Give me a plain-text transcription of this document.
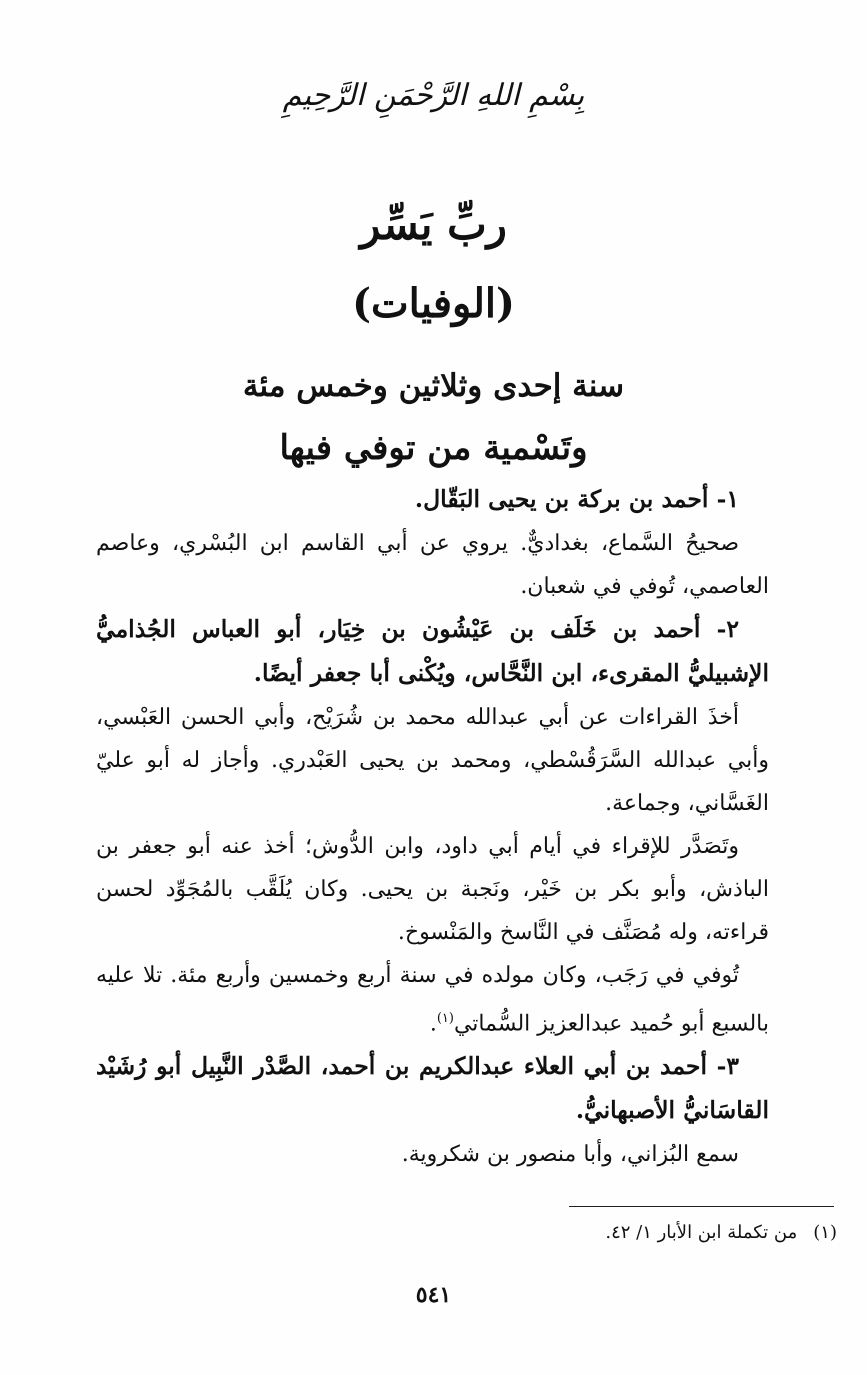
بِسْمِ اللهِ الرَّحْمَنِ الرَّحِيمِ
ربِّ يَسِّر
(الوفيات)
سنة إحدى وثلاثين وخمس مئة
وتَسْمية من توفي فيها

١- أحمد بن بركة بن يحيى البَقّال.

صحيحُ السَّماع، بغداديٌّ. يروي عن أبي القاسم ابن البُسْري، وعاصم العاصمي، تُوفي في شعبان.

٢- أحمد بن خَلَف بن عَيْشُون بن خِيَار، أبو العباس الجُذاميُّ الإشبيليُّ المقرىء، ابن النَّحَّاس، ويُكْنى أبا جعفر أيضًا.

أخذَ القراءات عن أبي عبدالله محمد بن شُرَيْح، وأبي الحسن العَبْسي، وأبي عبدالله السَّرَقُسْطي، ومحمد بن يحيى العَبْدري. وأجاز له أبو عليّ الغَسَّاني، وجماعة.

وتَصَدَّر للإقراء في أيام أبي داود، وابن الدُّوش؛ أخذ عنه أبو جعفر بن الباذش، وأبو بكر بن خَيْر، ونَجبة بن يحيى. وكان يُلَقَّب بالمُجَوِّد لحسن قراءته، وله مُصَنَّف في النَّاسخ والمَنْسوخ.

تُوفي في رَجَب، وكان مولده في سنة أربع وخمسين وأربع مئة. تلا عليه بالسبع أبو حُميد عبدالعزيز السُّماتي$^{(١)}$.

٣- أحمد بن أبي العلاء عبدالكريم بن أحمد، الصَّدْر النَّبِيل أبو رُشَيْد القاسَانيُّ الأصبهانيُّ.

سمع البُزاني، وأبا منصور بن شكروية.

(١)من تكملة ابن الأبار ١/ ٤٢.
٥٤١
